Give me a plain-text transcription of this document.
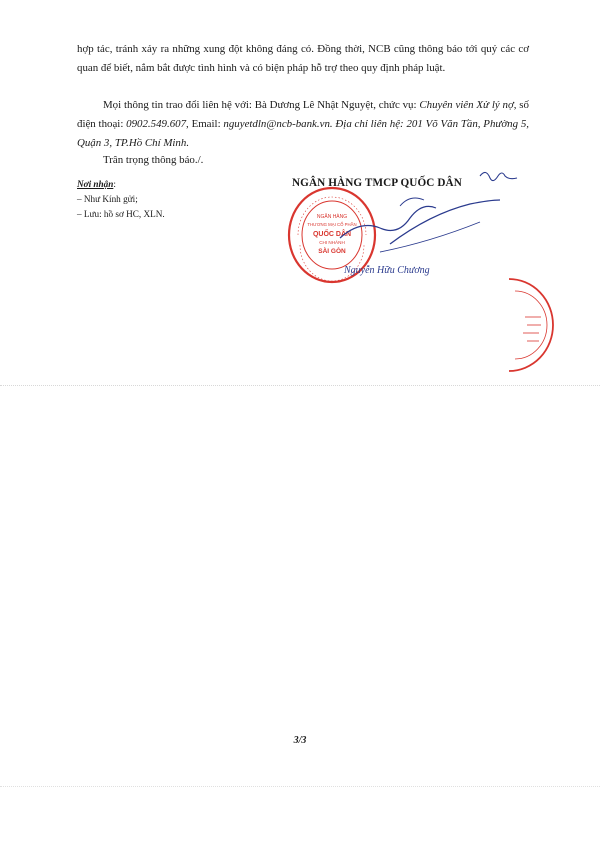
hợp tác, tránh xảy ra những xung đột không đáng có. Đồng thời, NCB cũng thông báo tới quý các cơ quan để biết, nắm bắt được tình hình và có biện pháp hỗ trợ theo quy định pháp luật.
Mọi thông tin trao đổi liên hệ với: Bà Dương Lê Nhật Nguyệt, chức vụ: Chuyên viên Xử lý nợ, số điện thoại: 0902.549.607, Email: nguyetdln@ncb-bank.vn. Địa chỉ liên hệ: 201 Võ Văn Tần, Phường 5, Quận 3, TP.Hồ Chí Minh.
Trân trọng thông báo./.
Nơi nhận:
– Như Kính gửi;
– Lưu: hồ sơ HC, XLN.	NGÂN HÀNG
THƯƠNG MẠI CỔ PHẦN
QUỐC DÂN
CHI NHÁNH
SÀI GÒN
NGÂN HÀNG TMCP QUỐC DÂN
Nguyễn Hữu Chương
3/3
